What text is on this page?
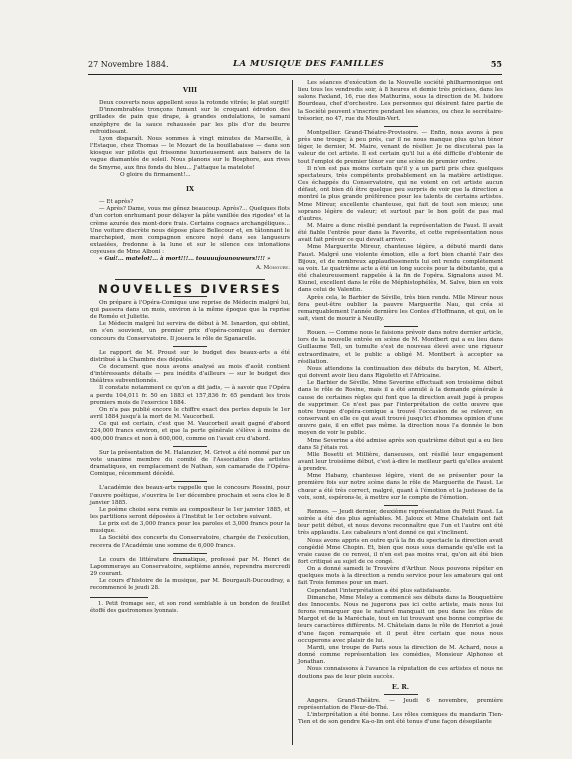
27 Novembre 1884.	LA MUSIQUE DES FAMILLES	55
VIII

Deux couverts nous appellent sous la rotonde vitrée; le plat surgit!

D'innombrables tronçons fument sur le croquant édredon des grillades de pain que drape, à grandes ondulations, le samani enzéphyre de la sauce rehaussée par les plis d'or du beurre refroidissant.

Lyon disparaît. Nous sommes à vingt minutes de Marseille, à l'Estaque, chez Thomas — le Mozart de la bouillabaisse — dans son kiosque sur pilotis qui frissonne luxurieusement aux baisers de la vague diamantée de soleil. Nous planons sur le Bosphore, aux rives de Smyrne, aux fins fonds du bleu... J'attaque la matelote!

O gloire du firmament!...

IX

— Et après?

— Après? Dame, vous me gênez beaucoup. Après?... Quelques flots d'un corton enrhumant pour délayer la pâte vanillée des rigodes¹ et la crème azurée des mont-dore frais. Certains cognacs archangéliques... Une voiture discrète nous dépose place Bellecour et, en tâtonnant le marchepied, mon compagnon encore noyé dans ses langueurs extasiées, fredonne à la lune et sur le silence ces intonations coyeuses de Mme Alboni :

« Gui!... matelot!... à mort!!!... touuuujounouwurs!!!! »

A. Monoury.
NOUVELLES DIVERSES

On prépare à l'Opéra-Comique une reprise de Médecin malgré lui, qui passera dans un mois, environ à la même époque que la reprise de Roméo et Juliette.

Le Médecin malgré lui servira de début à M. Isnardon, qui obtint, on s'en souvient, un premier prix d'opéra-comique au dernier concours du Conservatoire. Il jouera le rôle de Sganarelle.

Le rapport de M. Proust sur le budget des beaux-arts a été distribué à la Chambre des députés.

Ce document que nous avons analysé au mois d'août contient d'intéressants détails — peu inédits d'ailleurs — sur le budget des théâtres subventionnés.

Il constate notamment ce qu'on a dit jadis, — à savoir que l'Opéra a perdu 104,011 fr. 50 en 1883 et 157,836 fr. 65 pendant les trois premiers mois de l'exercice 1884.

On n'a pas publié encore le chiffre exact des pertes depuis le 1er avril 1884 jusqu'à la mort de M. Vaucorbeil.

Ce qui est certain, c'est que M. Vaucorbeil avait gagné d'abord 224,000 francs environ, et que la perte générale s'élève à moins de 400,000 francs et non à 600,000, comme on l'avait cru d'abord.

Sur la présentation de M. Halanzier, M. Grivot a été nommé par un vote unanime membre du comité de l'Association des artistes dramatiques, en remplacement de Nathan, son camarade de l'Opéra-Comique, récemment décédé.

L'académie des beaux-arts rappelle que le concours Rossini, pour l'œuvre poétique, s'ouvrira le 1er décembre prochain et sera clos le 8 janvier 1885.

Le poème choisi sera remis au compositeur le 1er janvier 1885, et les partitions seront déposées à l'Institut le 1er octobre suivant.

Le prix est de 3,000 francs pour les paroles et 3,000 francs pour la musique.

La Société des concerts du Conservatoire, chargée de l'exécution, recevra de l'Académie une somme de 6,000 francs.

Le cours de littérature dramatique, professé par M. Henri de Lapommeraye au Conservatoire, septième année, reprendra mercredi 29 courant.

Le cours d'histoire de la musique, par M. Bourgault-Ducoudray, a recommencé le jeudi 28.

1. Petit fromage sec, et son rond semblable à un bondon de feuillet étoffé des gastronomes lyonnais.

Les séances d'exécution de la Nouvelle société philharmonique ont lieu tous les vendredis soir, à 8 heures et demie très précises, dans les salons Faxland, 16, rue des Mathurins, sous la direction de M. Isidore Bourdeau, chef d'orchestre. Les personnes qui désirent faire partie de la Société peuvent s'inscrire pendant les séances, ou chez le secrétaire-trésorier, no 47, rue du Moulin-Vert.

Montpellier. Grand-Théatre-Provisoire. — Enfin, nous avons à peu près une troupe; à peu près, car il ne nous manque plus qu'un ténor léger, le dernier, M. Maire, venant de résilier. Je ne discuterai pas la valeur de cet artiste. Il est certain qu'il lui a été difficile d'obtenir de tout l'emploi de premier ténor sur une scène de premier ordre.

Il n'en est pas moins certain qu'il y a un parti pris chez quelques spectateurs, très compétents probablement en la matière artistique. Ces échappés du Conservatoire, qui ne voient en cet artiste aucun défaut, ont bien dû être quelque peu surpris de voir que la direction a montré la plus grande préférence pour les talents de certains artistes. Mme Mireur, excellente chanteuse, qui fait de tout son mieux; une soprano légère de valeur; et surtout par le bon goût de pas mal d'autres.

M. Maire a donc résilié pendant la représentation de Faust. Il avait été fiable l'entrée pour dans la Favorite, et cette représentation nous avait fait prévoir ce qui devait arriver.

Mme Marguerite Mireur, chanteuse légère, a débuté mardi dans Faust. Malgré une violente émotion, elle a fort bien chanté l'air des Bijoux, et de nombreux applaudissements lui ont rendu complètement sa voix. Le quatrième acte a été un long succès pour la débutante, qui a été chaleureusement rappelée à la fin de l'opéra. Signalons aussi M. Kiunel, excellent dans le rôle de Méphistophélès, M. Salve, bien en voix dans celui de Valentin.

Après cela, le Barbier de Séville, très bien rendu. Mlle Mireur nous fera peut-être oublier la pauvre Marguerite Nau, qui créa si remarquablement l'année dernière les Contes d'Hoffmann, et qui, on le sait, vient de mourir à Neuilly.

Rouen. — Comme nous le faisions prévoir dans notre dernier article, lors de la nouvelle entrée en scène de M. Montbert qui a eu lieu dans Guillaume Tell, un tumulte s'est de nouveau élevé avec une rigueur extraordinaire, et le public a obligé M. Montbert à accepter sa résiliation.

Nous attendons la continuation des débuts du baryton, M. Albert, qui doivent avoir lieu dans Rigoletto et l'Africaine.

Le Barbier de Séville. Mme Severine effectuait son troisième début dans le rôle de Rosine, mais il a été annulé à la demande générale à cause de certaines règles qui font que la direction avait jugé à propos de supprimer. Ce n'est pas par l'interprétation de cette œuvre que notre troupe d'opéra-comique a trouvé l'occasion de se relever, en conservant en elle ce qui avait trouvé jusqu'ici d'hommes opinion d'une œuvre gaie, il en effet pas même. la direction nous l'a donnée le bon moyen de voir le public.

Mme Severine a été admise après son quatrième début qui a eu lieu dans Si j'étais roi.

Mlle Bosetti et Millière, danseuses, ont résilié leur engagement avant leur troisième début, c'est à-dire le meilleur parti qu'elles avaient à prendre.

Mme Habany, chanteuse légère, vient de se présenter pour la première fois sur notre scène dans le rôle de Marguerite de Faust. Le chœur a été très correct, malgré, quant à l'émotion et la justesse de la voix, sont, espérons-le, à mettre sur le compte de l'émotion.

Rennes. — Jeudi dernier, deuxième représentation du Petit Faust. La soirée a été des plus agréables. M. Jaloux et Mme Chatelain ont fait leur petit début, et nous devons reconnaître que l'un et l'autre ont été très applaudis. Les cabaleurs n'ont donné ce qui s'inclinent.

Nous avons appris en outre qu'à la fin du spectacle la direction avait congédié Mme Chopin. Et, bien que nous sous demande qu'elle est la vraie cause de ce renvoi, il n'en est pas moins vrai, qu'on ait été bien fort critiqué au sujet de ce congé.

On a donné samedi le Trouvère d'Arthur. Nous pouvons répéter en quelques mots à la direction a rendu service pour les amateurs qui ont fait Trois femmes pour un mari.

Cependant l'interprétation a été plus satisfaisante.

Dimanche, Mme Meley a commencé ses débuts dans la Bouquetière des Innocents. Nous ne jugerons pas ici cette artiste, mais nous lui ferons remarquer que le naturel manquait un peu dans les rôles de Margot et de la Maréchale, tout en lui trouvant une bonne comprise de leurs caractères différents. M. Châtelain dans le rôle de Henriot a joué d'une façon remarquée et il peut être certain que nous nous occuperons avec plaisir de lui.

Mardi, une troupe de Paris sous la direction de M. Achard, nous a donné comme représentation les comédies, Monsieur Alphonse et Jonathan.

Nous connaissons à l'avance la réputation de ces artistes et nous ne doutions pas de leur plein succès.

E. R.

Angers. Grand-Théâtre. — Jeudi 6 novembre, première représentation de Fleur-de-Thé.

L'interprétation a été bonne. Les rôles comiques du mandarin Tien-Tien et de son gendre Ka-o-lin ont été tenus d'une façon désopilante
